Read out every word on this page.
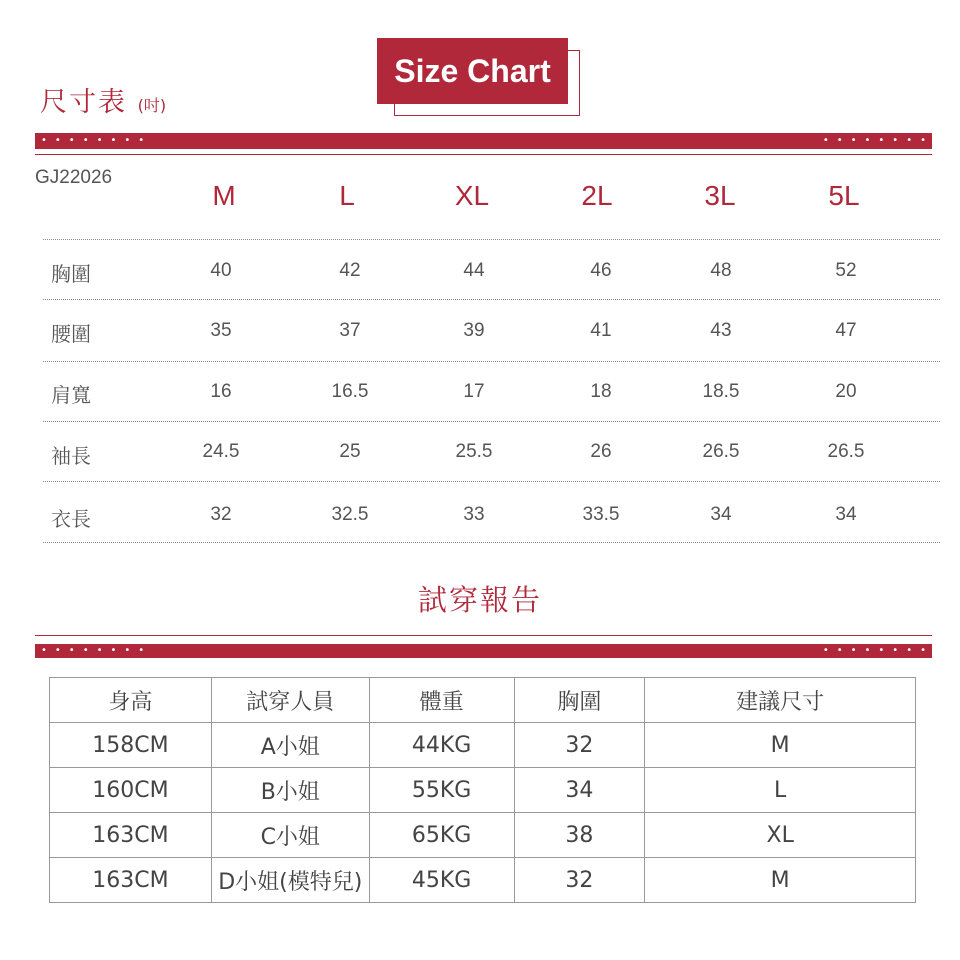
尺寸表 (吋)
Size Chart
••••••••	••••••••
GJ22026
M	L	XL	2L	3L	5L
胸圍	40	42	44	46	48	52
腰圍	35	37	39	41	43	47
肩寬	16	16.5	17	18	18.5	20
袖長	24.5	25	25.5	26	26.5	26.5
衣長	32	32.5	33	33.5	34	34
試穿報告
••••••••	••••••••
身高	試穿人員	體重	胸圍	建議尺寸
158CM	A小姐	44KG	32	M
160CM	B小姐	55KG	34	L
163CM	C小姐	65KG	38	XL
163CM	D小姐(模特兒)	45KG	32	M
